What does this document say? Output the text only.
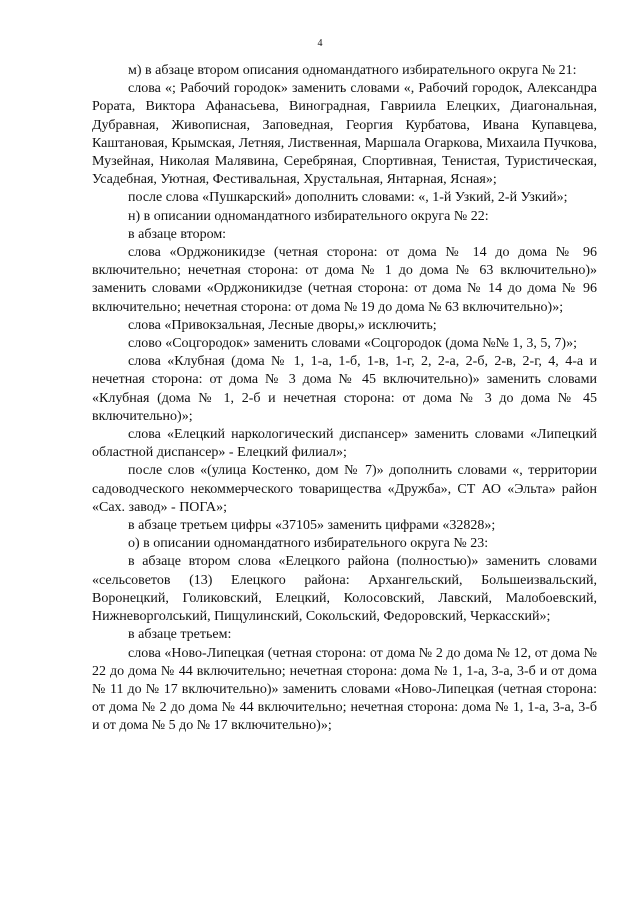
4

м) в абзаце втором описания одномандатного избирательного округа № 21:

слова «; Рабочий городок» заменить словами «, Рабочий городок, Александра Рората, Виктора Афанасьева, Виноградная, Гавриила Елецких, Диагональная, Дубравная, Живописная, Заповедная, Георгия Курбатова, Ивана Купавцева, Каштановая, Крымская, Летняя, Лиственная, Маршала Огаркова, Михаила Пучкова, Музейная, Николая Малявина, Серебряная, Спортивная, Тенистая, Туристическая, Усадебная, Уютная, Фестивальная, Хрустальная, Янтарная, Ясная»;

после слова «Пушкарский» дополнить словами: «, 1-й Узкий, 2-й Узкий»;

н) в описании одномандатного избирательного округа № 22:

в абзаце втором:

слова «Орджоникидзе (четная сторона: от дома № 14 до дома № 96 включительно; нечетная сторона: от дома № 1 до дома № 63 включительно)» заменить словами «Орджоникидзе (четная сторона: от дома № 14 до дома № 96 включительно; нечетная сторона: от дома № 19 до дома № 63 включительно)»;

слова «Привокзальная, Лесные дворы,» исключить;

слово «Соцгородок» заменить словами «Соцгородок (дома №№ 1, 3, 5, 7)»;

слова «Клубная (дома № 1, 1-а, 1-б, 1-в, 1-г, 2, 2-а, 2-б, 2-в, 2-г, 4, 4-а и нечетная сторона: от дома № 3 дома № 45 включительно)» заменить словами «Клубная (дома № 1, 2-б и нечетная сторона: от дома № 3 до дома № 45 включительно)»;

слова «Елецкий наркологический диспансер» заменить словами «Липецкий областной диспансер» - Елецкий филиал»;

после слов «(улица Костенко, дом № 7)» дополнить словами «, территории садоводческого некоммерческого товарищества «Дружба», СТ АО «Эльта» район «Сах. завод» - ПОГА»;

в абзаце третьем цифры «37105» заменить цифрами «32828»;

о) в описании одномандатного избирательного округа № 23:

в абзаце втором слова «Елецкого района (полностью)» заменить словами «сельсоветов (13) Елецкого района: Архангельский, Большеизвальский, Воронецкий, Голиковский, Елецкий, Колосовский, Лавский, Малобоевский, Нижневорголський, Пищулинский, Сокольский, Федоровский, Черкасский»;

в абзаце третьем:

слова «Ново-Липецкая (четная сторона: от дома № 2 до дома № 12, от дома № 22 до дома № 44 включительно; нечетная сторона: дома № 1, 1-а, 3-а, 3-б и от дома № 11 до № 17 включительно)» заменить словами «Ново-Липецкая (четная сторона: от дома № 2 до дома № 44 включительно; нечетная сторона: дома № 1, 1-а, 3-а, 3-б и от дома № 5 до № 17 включительно)»;
